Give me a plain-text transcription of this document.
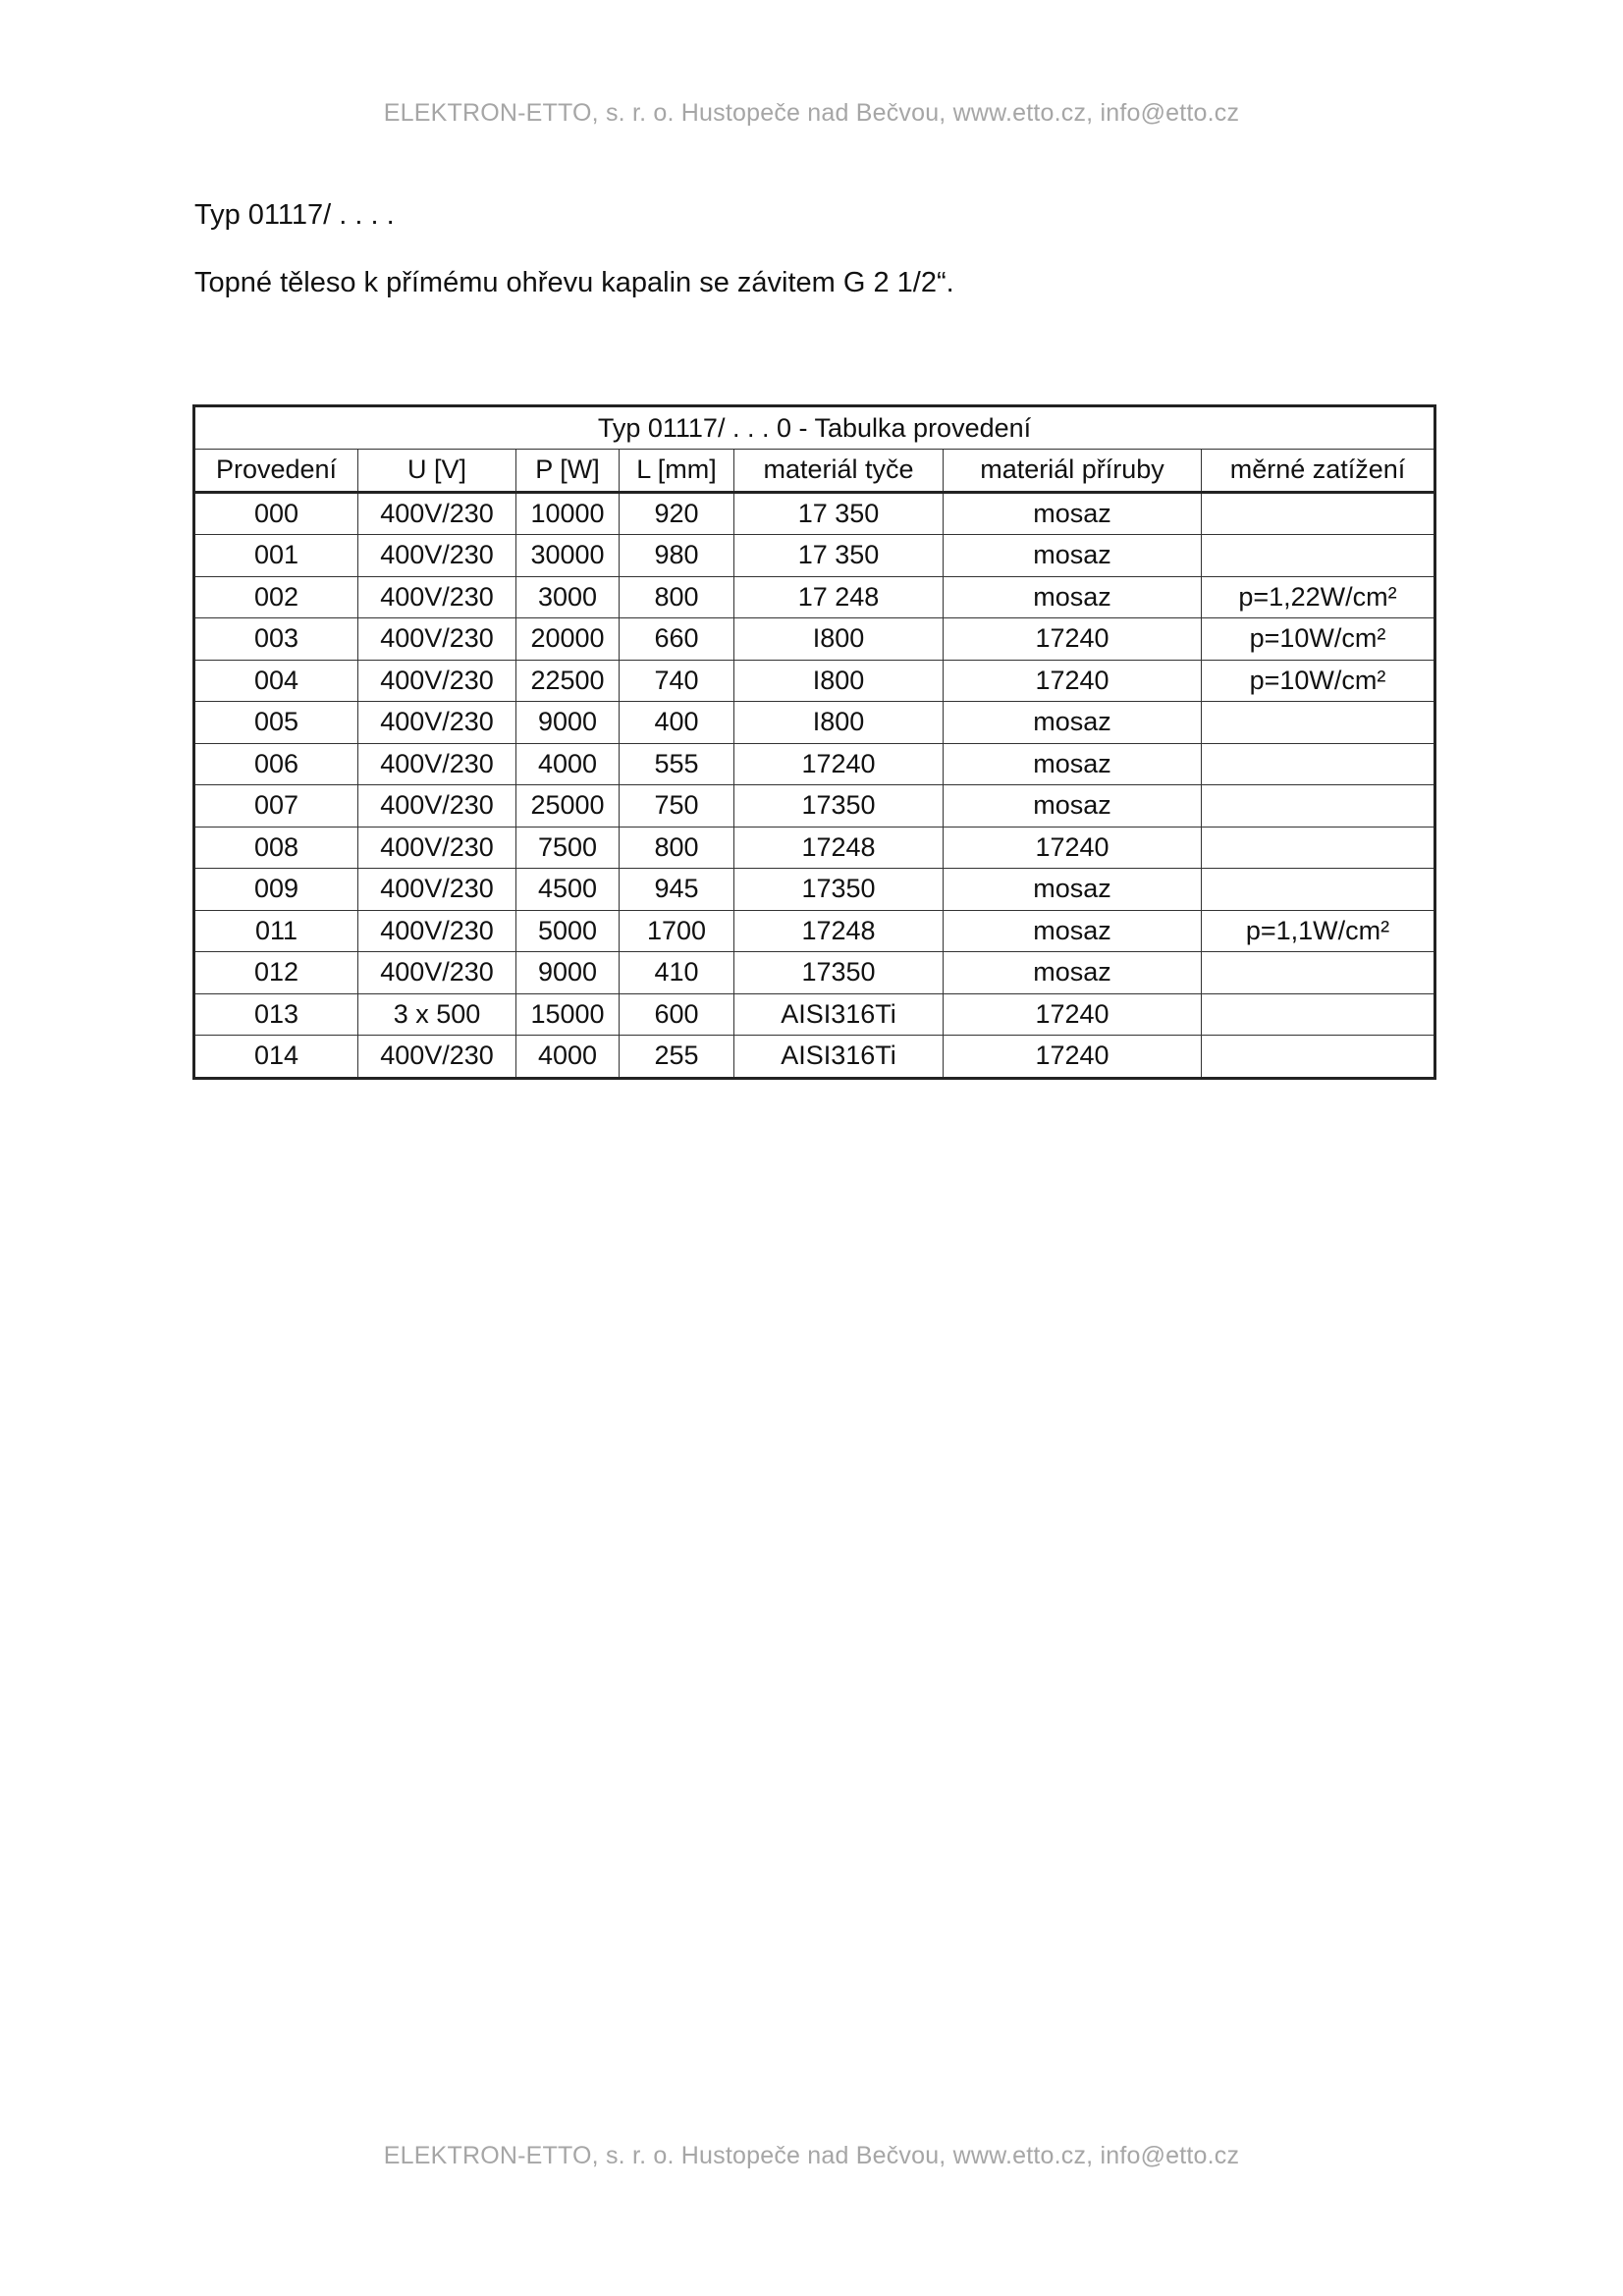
ELEKTRON-ETTO, s. r. o. Hustopeče nad Bečvou, www.etto.cz, info@etto.cz
Typ 01117/ . . . .
Topné těleso k přímému ohřevu kapalin se závitem G 2 1/2“.
Typ 01117/ . . . 0 - Tabulka provedení						
Provedení	U [V]	P [W]	L [mm]	materiál tyče	materiál příruby	měrné zatížení
000	400V/230	10000	920	17 350	mosaz	
001	400V/230	30000	980	17 350	mosaz	
002	400V/230	3000	800	17 248	mosaz	p=1,22W/cm²
003	400V/230	20000	660	I800	17240	p=10W/cm²
004	400V/230	22500	740	I800	17240	p=10W/cm²
005	400V/230	9000	400	I800	mosaz	
006	400V/230	4000	555	17240	mosaz	
007	400V/230	25000	750	17350	mosaz	
008	400V/230	7500	800	17248	17240	
009	400V/230	4500	945	17350	mosaz	
011	400V/230	5000	1700	17248	mosaz	p=1,1W/cm²
012	400V/230	9000	410	17350	mosaz	
013	3 x 500	15000	600	AISI316Ti	17240	
014	400V/230	4000	255	AISI316Ti	17240	
ELEKTRON-ETTO, s. r. o. Hustopeče nad Bečvou, www.etto.cz, info@etto.cz
